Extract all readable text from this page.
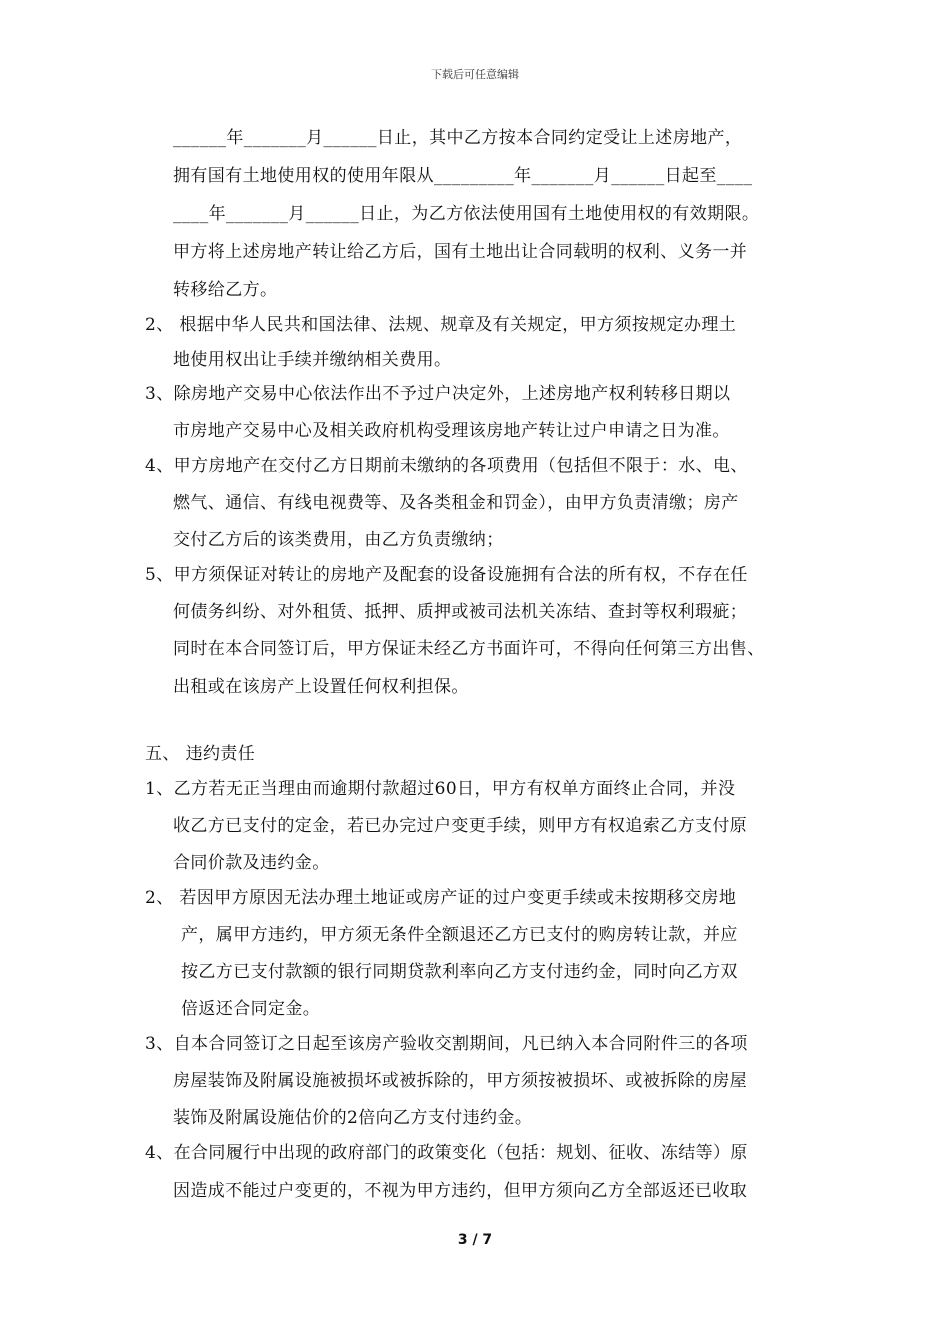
下载后可任意编辑
______年_______月______日止，其中乙方按本合同约定受让上述房地产，
拥有国有土地使用权的使用年限从_________年_______月______日起至____
____年_______月______日止，为乙方依法使用国有土地使用权的有效期限。
甲方将上述房地产转让给乙方后，国有土地出让合同载明的权利、义务一并
转移给乙方。
2、 根据中华人民共和国法律、法规、规章及有关规定，甲方须按规定办理土
地使用权出让手续并缴纳相关费用。
3、除房地产交易中心依法作出不予过户决定外，上述房地产权利转移日期以
市房地产交易中心及相关政府机构受理该房地产转让过户申请之日为准。
4、甲方房地产在交付乙方日期前未缴纳的各项费用（包括但不限于：水、电、
燃气、通信、有线电视费等、及各类租金和罚金），由甲方负责清缴；房产
交付乙方后的该类费用，由乙方负责缴纳；
5、甲方须保证对转让的房地产及配套的设备设施拥有合法的所有权，不存在任
何债务纠纷、对外租赁、抵押、质押或被司法机关冻结、查封等权利瑕疵；
同时在本合同签订后，甲方保证未经乙方书面许可，不得向任何第三方出售、
出租或在该房产上设置任何权利担保。
五、 违约责任
1、乙方若无正当理由而逾期付款超过60日，甲方有权单方面终止合同，并没
收乙方已支付的定金，若已办完过户变更手续，则甲方有权追索乙方支付原
合同价款及违约金。
2、 若因甲方原因无法办理土地证或房产证的过户变更手续或未按期移交房地
产，属甲方违约，甲方须无条件全额退还乙方已支付的购房转让款，并应
按乙方已支付款额的银行同期贷款利率向乙方支付违约金，同时向乙方双
倍返还合同定金。
3、自本合同签订之日起至该房产验收交割期间，凡已纳入本合同附件三的各项
房屋装饰及附属设施被损坏或被拆除的，甲方须按被损坏、或被拆除的房屋
装饰及附属设施估价的2倍向乙方支付违约金。
4、在合同履行中出现的政府部门的政策变化（包括：规划、征收、冻结等）原
因造成不能过户变更的，不视为甲方违约，但甲方须向乙方全部返还已收取
3 / 7
